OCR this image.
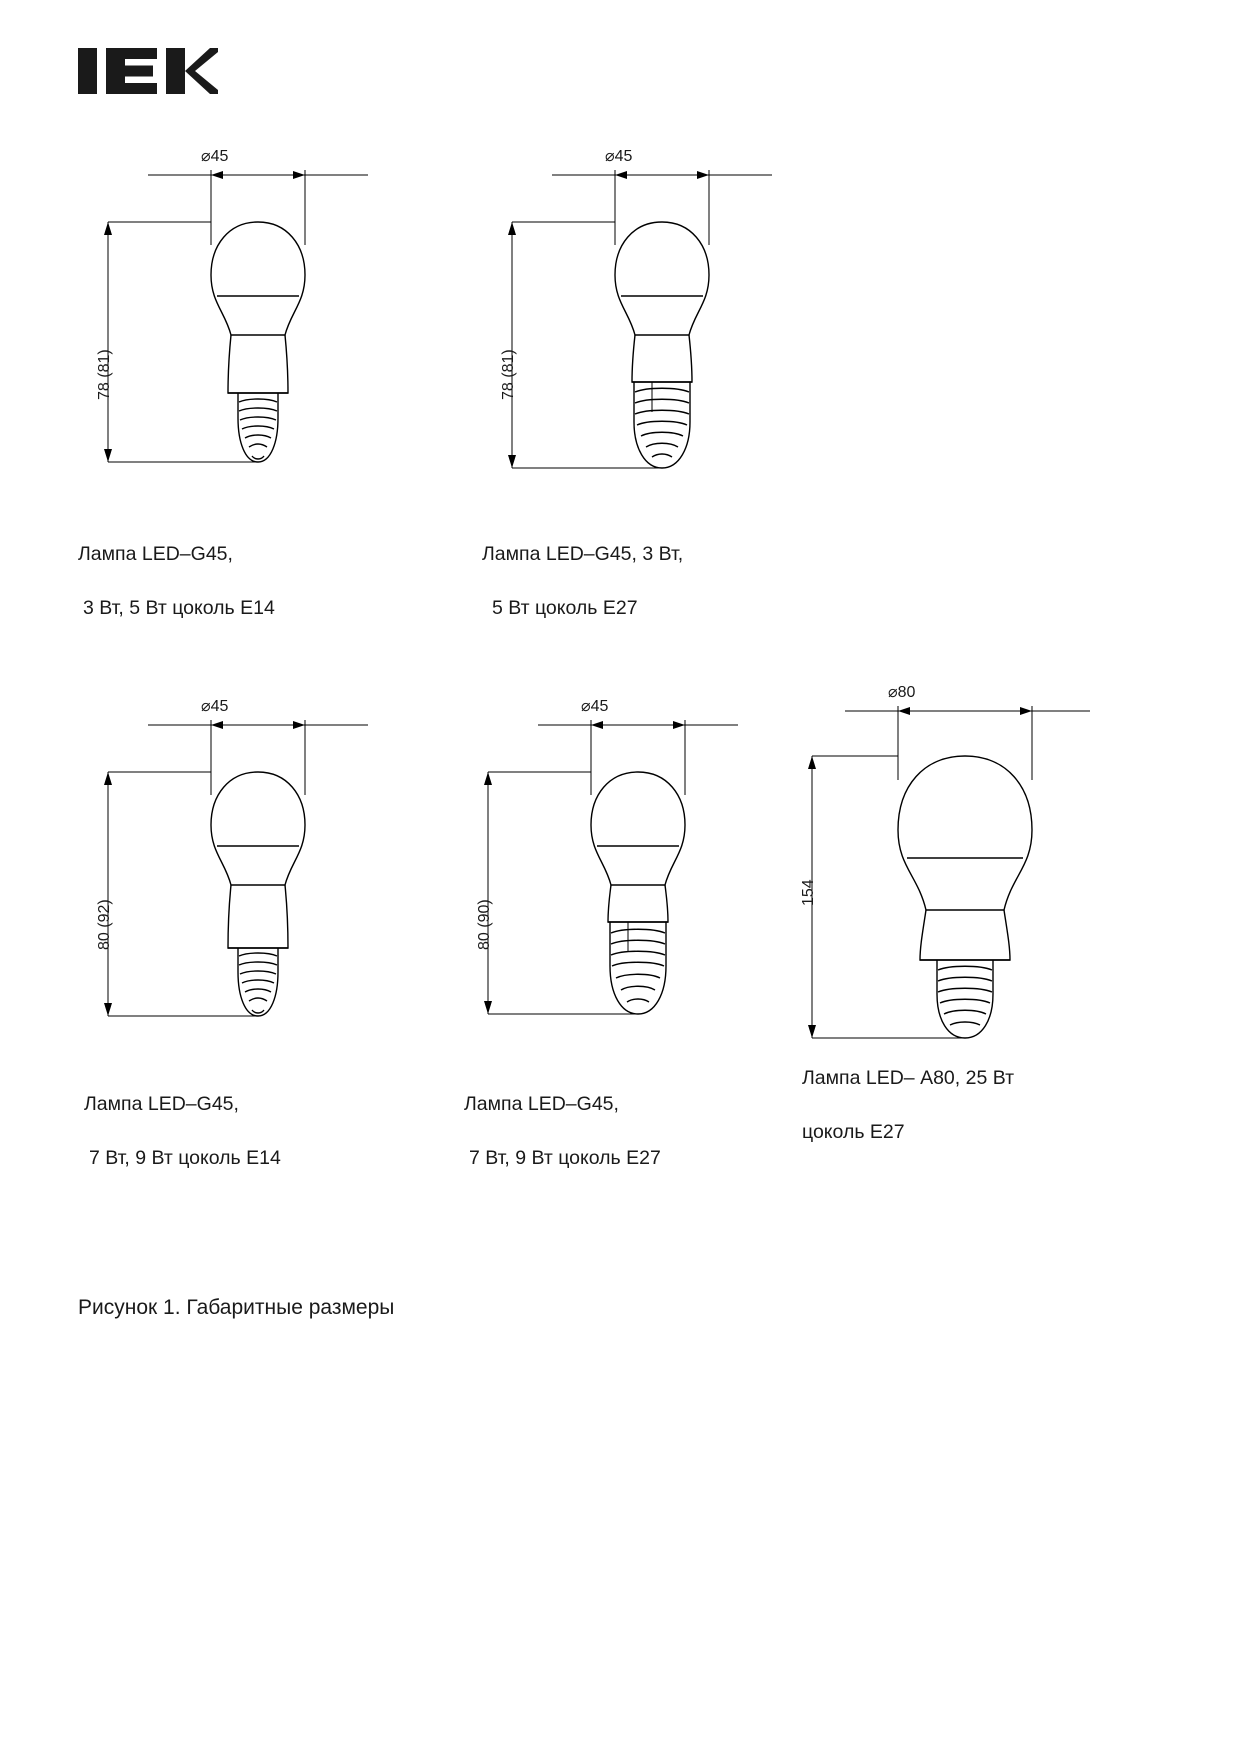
⌀45
78 (81)

Лампа LED–G45,

3 Вт, 5 Вт цоколь Е14

⌀45
78 (81)

Лампа LED–G45, 3 Вт,

5 Вт цоколь Е27

⌀45
80 (92)

Лампа LED–G45,

7 Вт, 9 Вт цоколь Е14

⌀45
80 (90)

Лампа LED–G45,

7 Вт, 9 Вт цоколь Е27

⌀80
154

Лампа LED– А80, 25 Вт

цоколь Е27

Рисунок 1. Габаритные размеры
